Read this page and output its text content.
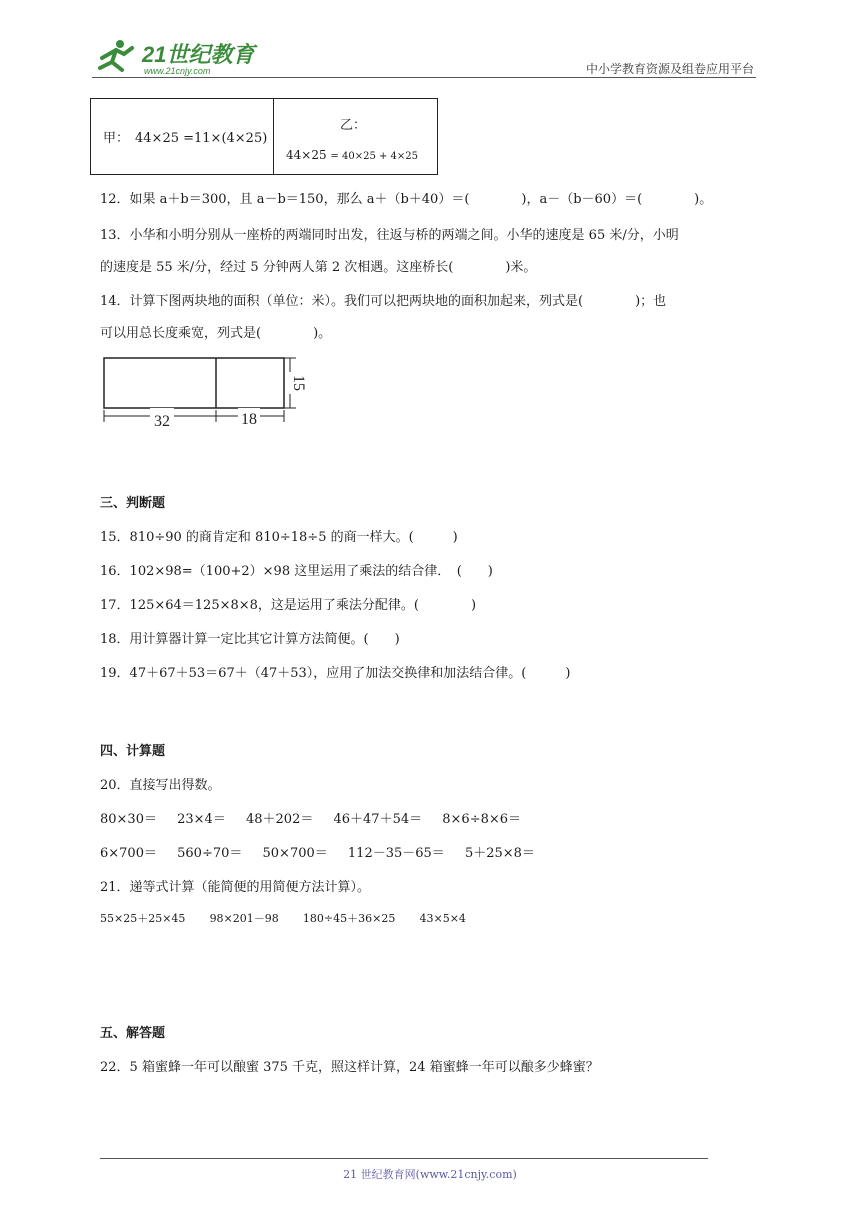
21世纪教育
www.21cnjy.com	中小学教育资源及组卷应用平台
甲： 44×25 =11×(4×25)
乙：
44×25 = 40×25 + 4×25
12．如果 a＋b＝300，且 a－b＝150，那么 a＋（b＋40）＝(　　　　)，a－（b－60）＝(　　　　)。
13．小华和小明分别从一座桥的两端同时出发，往返与桥的两端之间。小华的速度是 65 米/分，小明
的速度是 55 米/分，经过 5 分钟两人第 2 次相遇。这座桥长(　　　　)米。
14．计算下图两块地的面积（单位：米）。我们可以把两块地的面积加起来，列式是(　　　　)；也
可以用总长度乘宽，列式是(　　　　)。
32	18
15
三、判断题
15．810÷90 的商肯定和 810÷18÷5 的商一样大。(　　　)
16．102×98=（100+2）×98 这里运用了乘法的结合律．　(　　)
17．125×64＝125×8×8，这是运用了乘法分配律。(　　　　)
18．用计算器计算一定比其它计算方法简便。(　　)
19．47＋67＋53＝67＋（47＋53），应用了加法交换律和加法结合律。(　　　)
四、计算题
20．直接写出得数。
80×30＝ 23×4＝ 48＋202＝ 46＋47＋54＝ 8×6÷8×6＝
6×700＝ 560÷70＝ 50×700＝ 112－35－65＝ 5＋25×8＝
21．递等式计算（能简便的用简便方法计算）。
55×25＋25×45 98×201－98 180÷45＋36×25 43×5×4
五、解答题
22．5 箱蜜蜂一年可以酿蜜 375 千克，照这样计算，24 箱蜜蜂一年可以酿多少蜂蜜？
21 世纪教育网(www.21cnjy.com)
